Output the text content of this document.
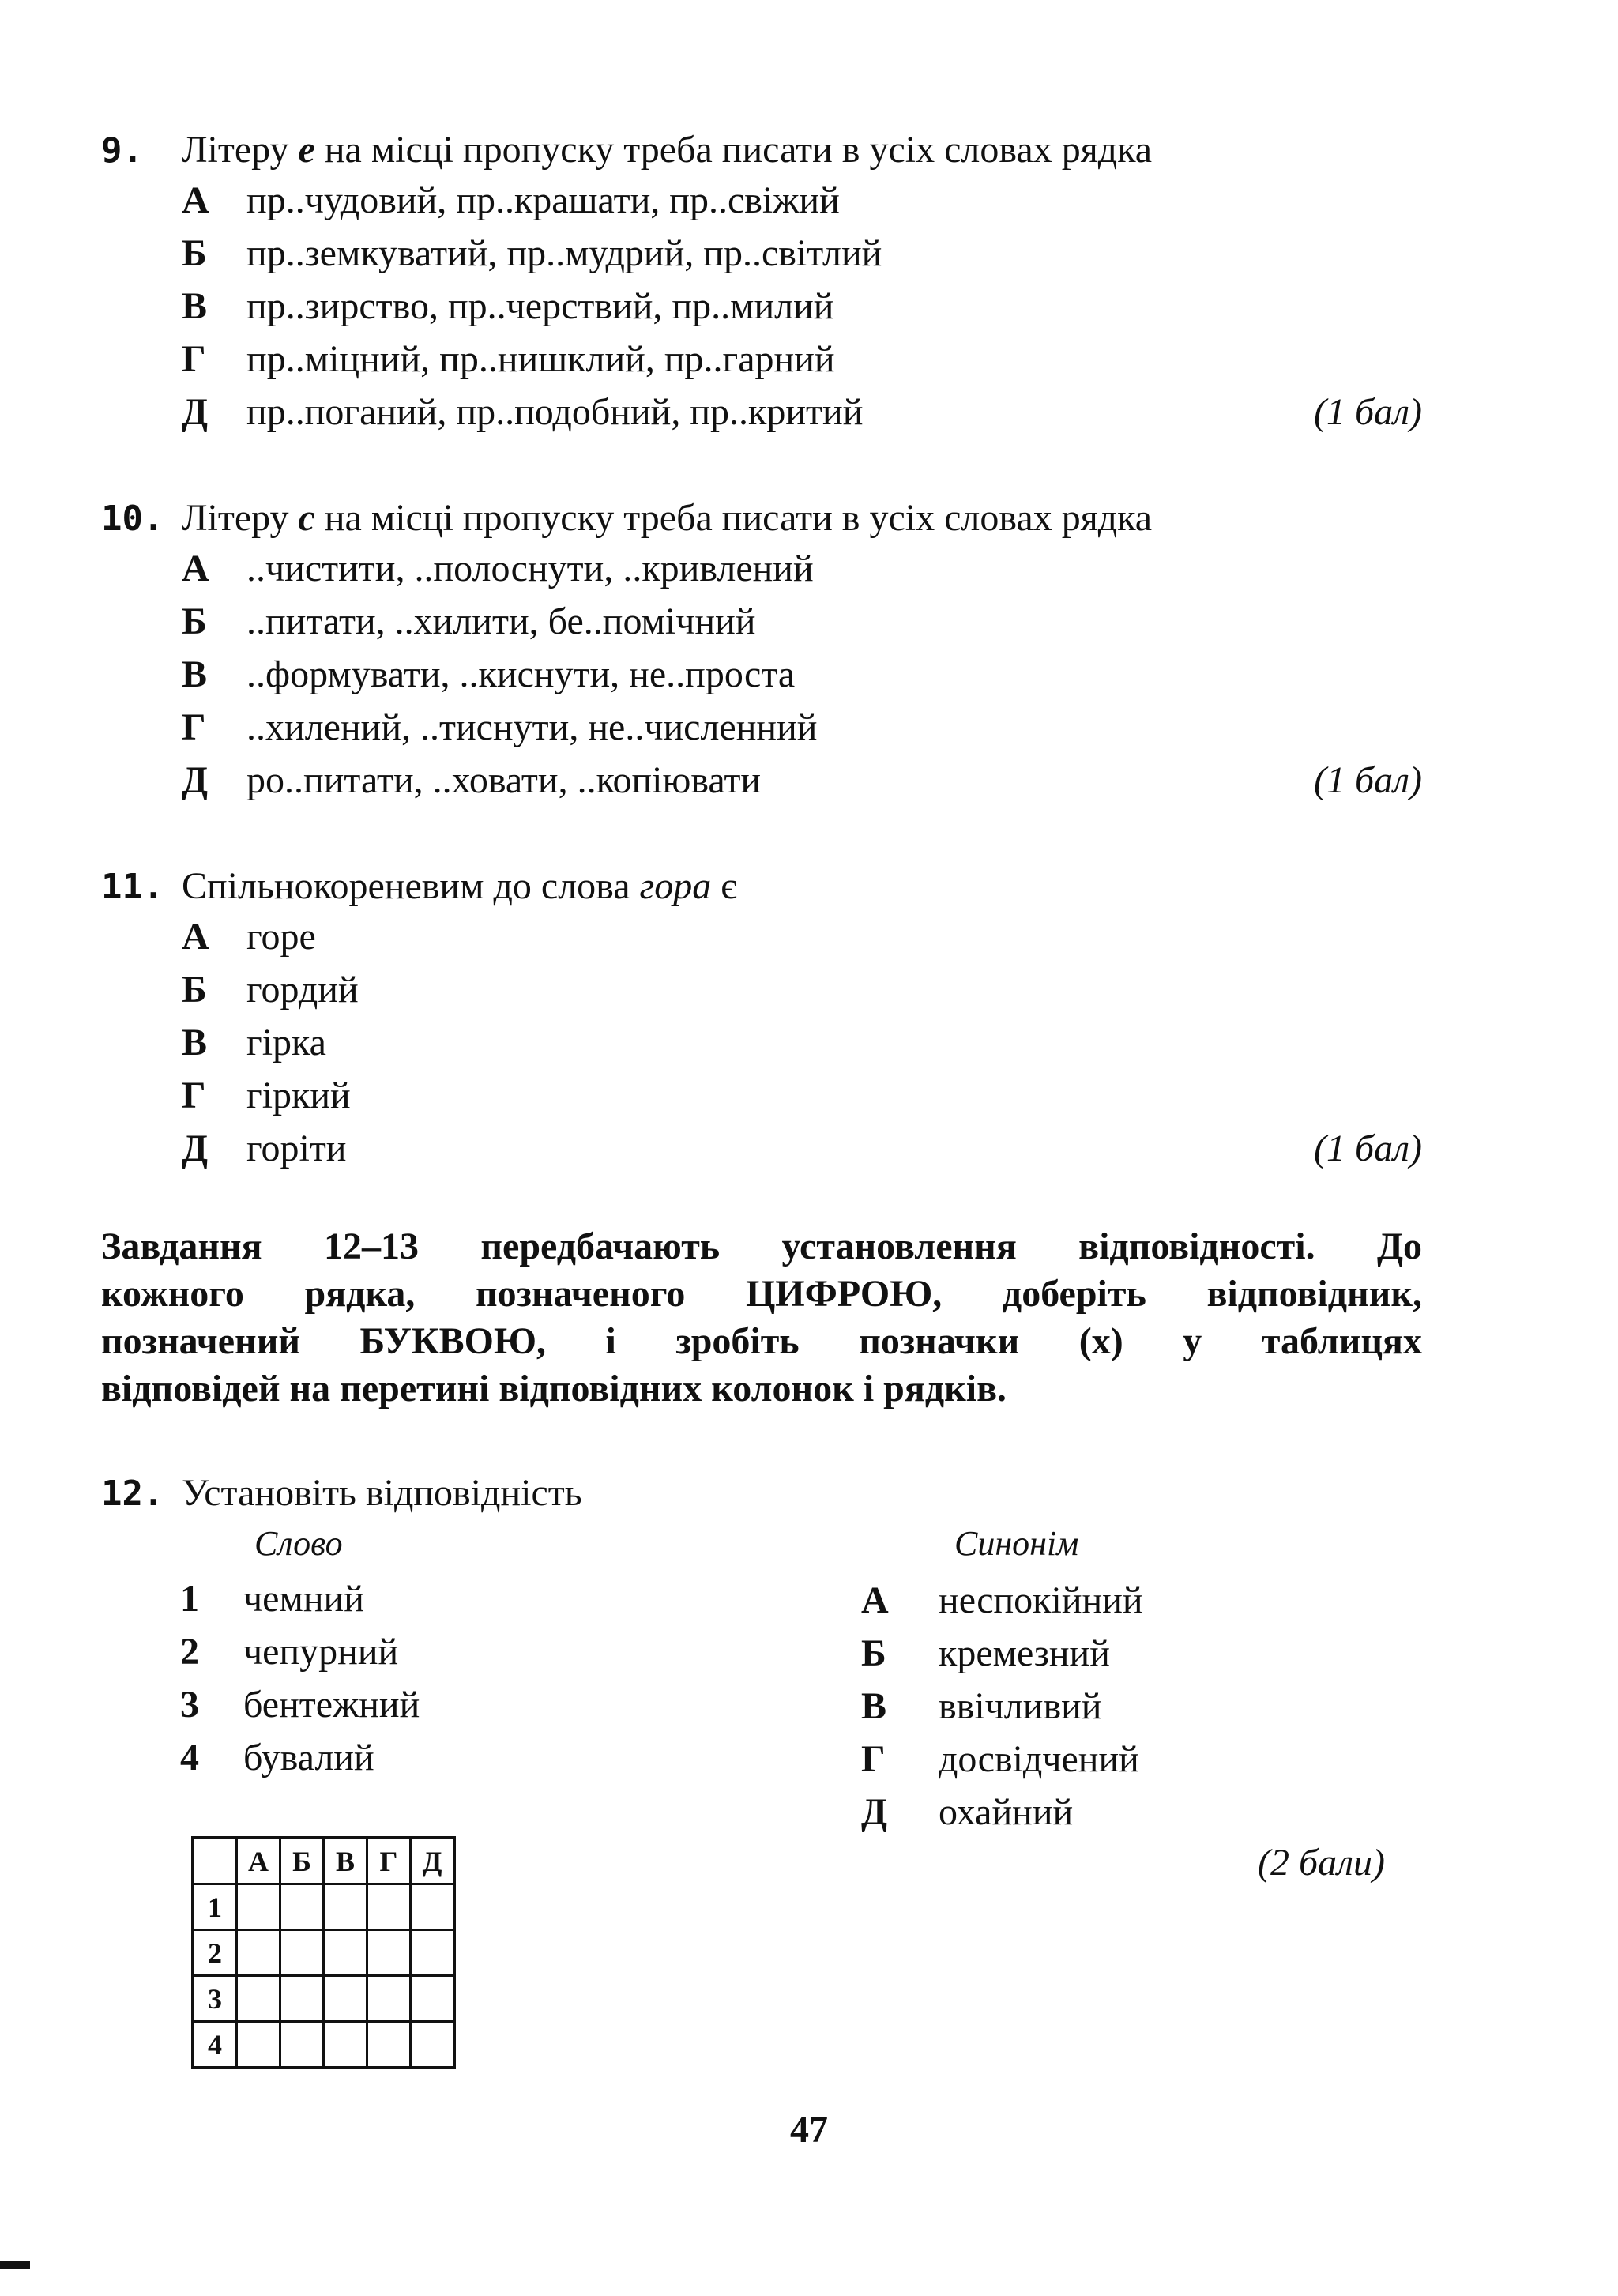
9.	Літеру е на місці пропуску треба писати в усіх словах рядка
А пр..чудовий, пр..крашати, пр..свіжий
Б	пр..земкуватий, пр..мудрий, пр..світлий
В	пр..зирство, пр..черствий, пр..милий
Г	пр..міцний, пр..нишклий, пр..гарний
Д	пр..поганий, пр..подобний, пр..критий	(1 бал)
10. Літеру с на місці пропуску треба писати в усіх словах рядка
А ..чистити, ..полоснути, ..кривлений
Б	..питати, ..хилити, бе..помічний
В	..формувати, ..киснути, не..проста
Г	..хилений, ..тиснути, не..численний
Д	ро..питати, ..ховати, ..копіювати	(1 бал)
11. Спільнокореневим до слова гора є
А горе
Б	гордий
В	гірка
Г	гіркий
Д	горіти	(1 бал)
Завдання 12–13 передбачають установлення відповідності. До
кожного рядка, позначеного ЦИФРОЮ, доберіть відповідник,
позначений БУКВОЮ, і зробіть позначки (х) у таблицях
відповідей на перетині відповідних колонок і рядків.
12. Установіть відповідність
Слово	Синонім
1	чемний
2	чепурний
3	бентежний
4	бувалий
А	неспокійний
Б	кремезний
В	ввічливий
Г	досвідчений
Д	охайний
(2 бали)
	А	Б	В	Г	Д
1					
2					
3					
4					
47
